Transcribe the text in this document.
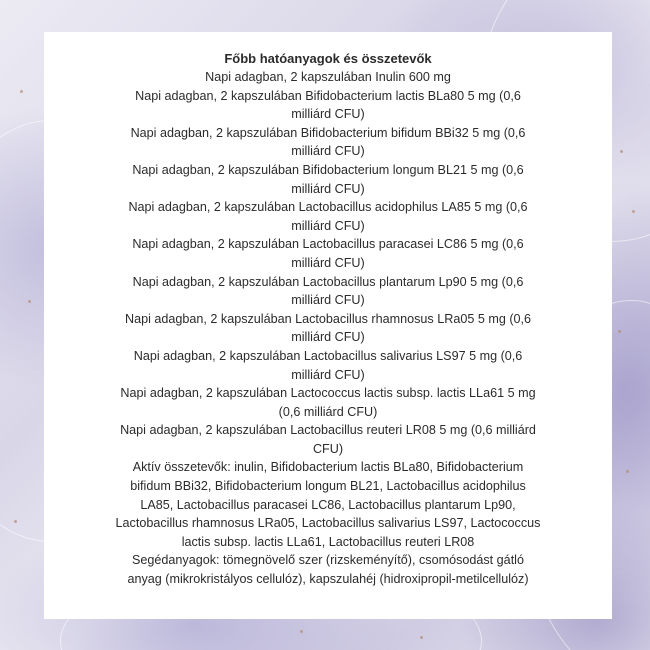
Főbb hatóanyagok és összetevők

Napi adagban, 2 kapszulában Inulin 600 mg

Napi adagban, 2 kapszulában Bifidobacterium lactis BLa80 5 mg (0,6

milliárd CFU)

Napi adagban, 2 kapszulában Bifidobacterium bifidum BBi32 5 mg (0,6

milliárd CFU)

Napi adagban, 2 kapszulában Bifidobacterium longum BL21 5 mg (0,6

milliárd CFU)

Napi adagban, 2 kapszulában Lactobacillus acidophilus LA85 5 mg (0,6

milliárd CFU)

Napi adagban, 2 kapszulában Lactobacillus paracasei LC86 5 mg (0,6

milliárd CFU)

Napi adagban, 2 kapszulában Lactobacillus plantarum Lp90 5 mg (0,6

milliárd CFU)

Napi adagban, 2 kapszulában Lactobacillus rhamnosus LRa05 5 mg (0,6

milliárd CFU)

Napi adagban, 2 kapszulában Lactobacillus salivarius LS97 5 mg (0,6

milliárd CFU)

Napi adagban, 2 kapszulában Lactococcus lactis subsp. lactis LLa61 5 mg

(0,6 milliárd CFU)

Napi adagban, 2 kapszulában Lactobacillus reuteri LR08 5 mg (0,6 milliárd

CFU)

Aktív összetevők: inulin, Bifidobacterium lactis BLa80, Bifidobacterium

bifidum BBi32, Bifidobacterium longum BL21, Lactobacillus acidophilus

LA85, Lactobacillus paracasei LC86, Lactobacillus plantarum Lp90,

Lactobacillus rhamnosus LRa05, Lactobacillus salivarius LS97, Lactococcus

lactis subsp. lactis LLa61, Lactobacillus reuteri LR08

Segédanyagok: tömegnövelő szer (rizskeményítő), csomósodást gátló

anyag (mikrokristályos cellulóz), kapszulahéj (hidroxipropil-metilcellulóz)
